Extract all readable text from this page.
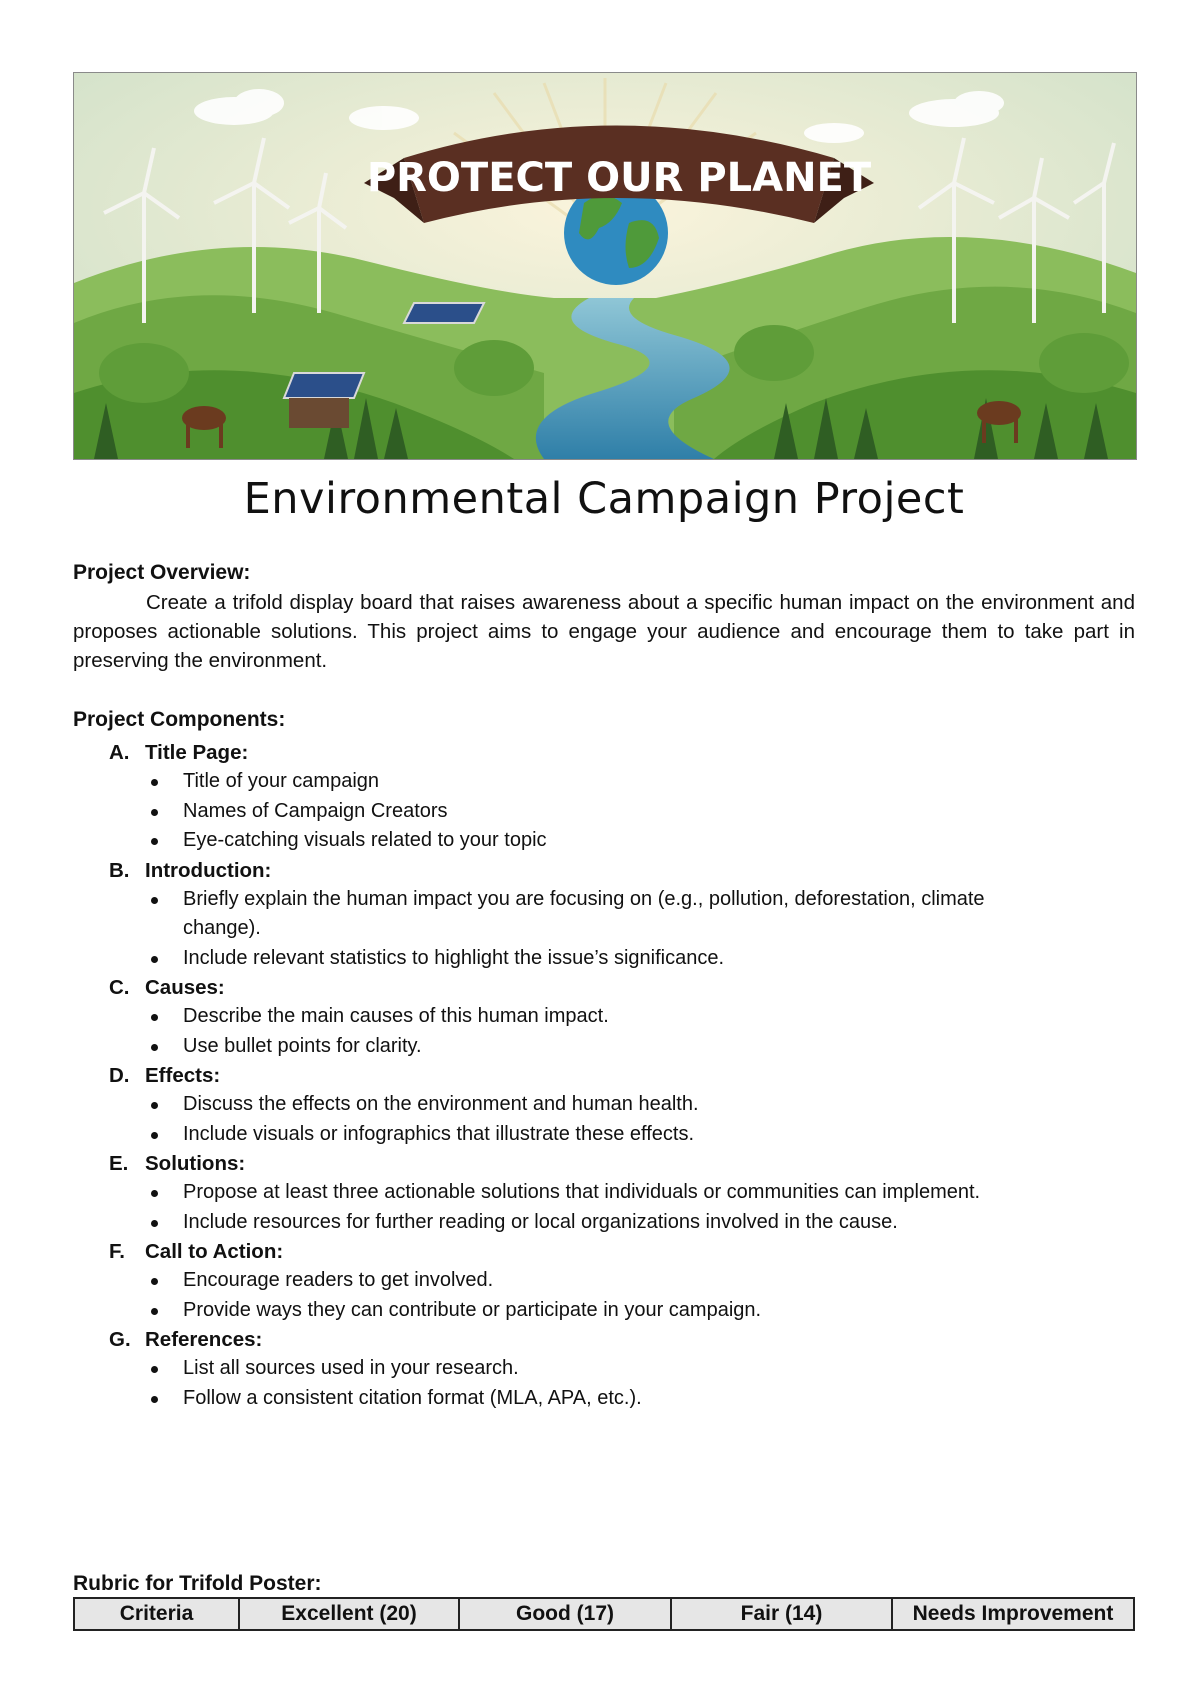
PROTECT OUR PLANET
Environmental Campaign Project
Project Overview:
Create a trifold display board that raises awareness about a specific human impact on the environment and proposes actionable solutions. This project aims to engage your audience and encourage them to take part in preserving the environment.
Project Components:
A. Title Page:
Title of your campaign
Names of Campaign Creators
Eye-catching visuals related to your topic
B. Introduction:
Briefly explain the human impact you are focusing on (e.g., pollution, deforestation, climate change).
Include relevant statistics to highlight the issue’s significance.
C. Causes:
Describe the main causes of this human impact.
Use bullet points for clarity.
D. Effects:
Discuss the effects on the environment and human health.
Include visuals or infographics that illustrate these effects.
E. Solutions:
Propose at least three actionable solutions that individuals or communities can implement.
Include resources for further reading or local organizations involved in the cause.
F. Call to Action:
Encourage readers to get involved.
Provide ways they can contribute or participate in your campaign.
G. References:
List all sources used in your research.
Follow a consistent citation format (MLA, APA, etc.).
Rubric for Trifold Poster:
Criteria	Excellent (20)	Good (17)	Fair (14)	Needs Improvement
